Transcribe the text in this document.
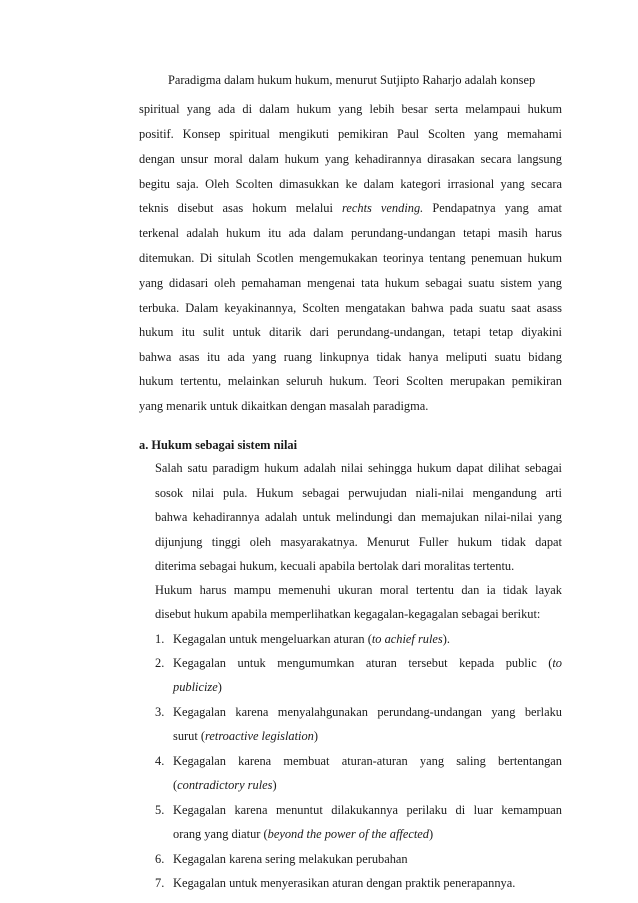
Paradigma dalam hukum hukum, menurut Sutjipto Raharjo adalah konsep
spiritual yang ada di dalam hukum yang lebih besar serta melampaui hukum
positif. Konsep spiritual mengikuti pemikiran Paul Scolten yang memahami
dengan unsur moral dalam hukum yang kehadirannya dirasakan secara langsung
begitu saja. Oleh Scolten dimasukkan ke dalam kategori irrasional yang secara
teknis disebut asas hokum melalui rechts vending. Pendapatnya yang amat
terkenal adalah hukum itu ada dalam perundang-undangan tetapi masih harus
ditemukan. Di situlah Scotlen mengemukakan teorinya tentang penemuan hukum
yang didasari oleh pemahaman mengenai tata hukum sebagai suatu sistem yang
terbuka. Dalam keyakinannya, Scolten mengatakan bahwa pada suatu saat asass
hukum itu sulit untuk ditarik dari perundang-undangan, tetapi tetap diyakini
bahwa asas itu ada yang ruang linkupnya tidak hanya meliputi suatu bidang
hukum tertentu, melainkan seluruh hukum. Teori Scolten merupakan pemikiran
yang menarik untuk dikaitkan dengan masalah paradigma.
a. Hukum sebagai sistem nilai
Salah satu paradigm hukum adalah nilai sehingga hukum dapat dilihat sebagai
sosok nilai pula. Hukum sebagai perwujudan niali-nilai mengandung arti
bahwa kehadirannya adalah untuk melindungi dan memajukan nilai-nilai yang
dijunjung tinggi oleh masyarakatnya. Menurut Fuller hukum tidak dapat
diterima sebagai hukum, kecuali apabila bertolak dari moralitas tertentu.
Hukum harus mampu memenuhi ukuran moral tertentu dan ia tidak layak
disebut hukum apabila memperlihatkan kegagalan-kegagalan sebagai berikut:
1. Kegagalan untuk mengeluarkan aturan (to achief rules).
2. Kegagalan untuk mengumumkan aturan tersebut kepada public (to
publicize)
3. Kegagalan karena menyalahgunakan perundang-undangan yang berlaku
surut (retroactive legislation)
4. Kegagalan karena membuat aturan-aturan yang saling bertentangan
(contradictory rules)
5. Kegagalan karena menuntut dilakukannya perilaku di luar kemampuan
orang yang diatur (beyond the power of the affected)
6. Kegagalan karena sering melakukan perubahan
7. Kegagalan untuk menyerasikan aturan dengan praktik penerapannya.
